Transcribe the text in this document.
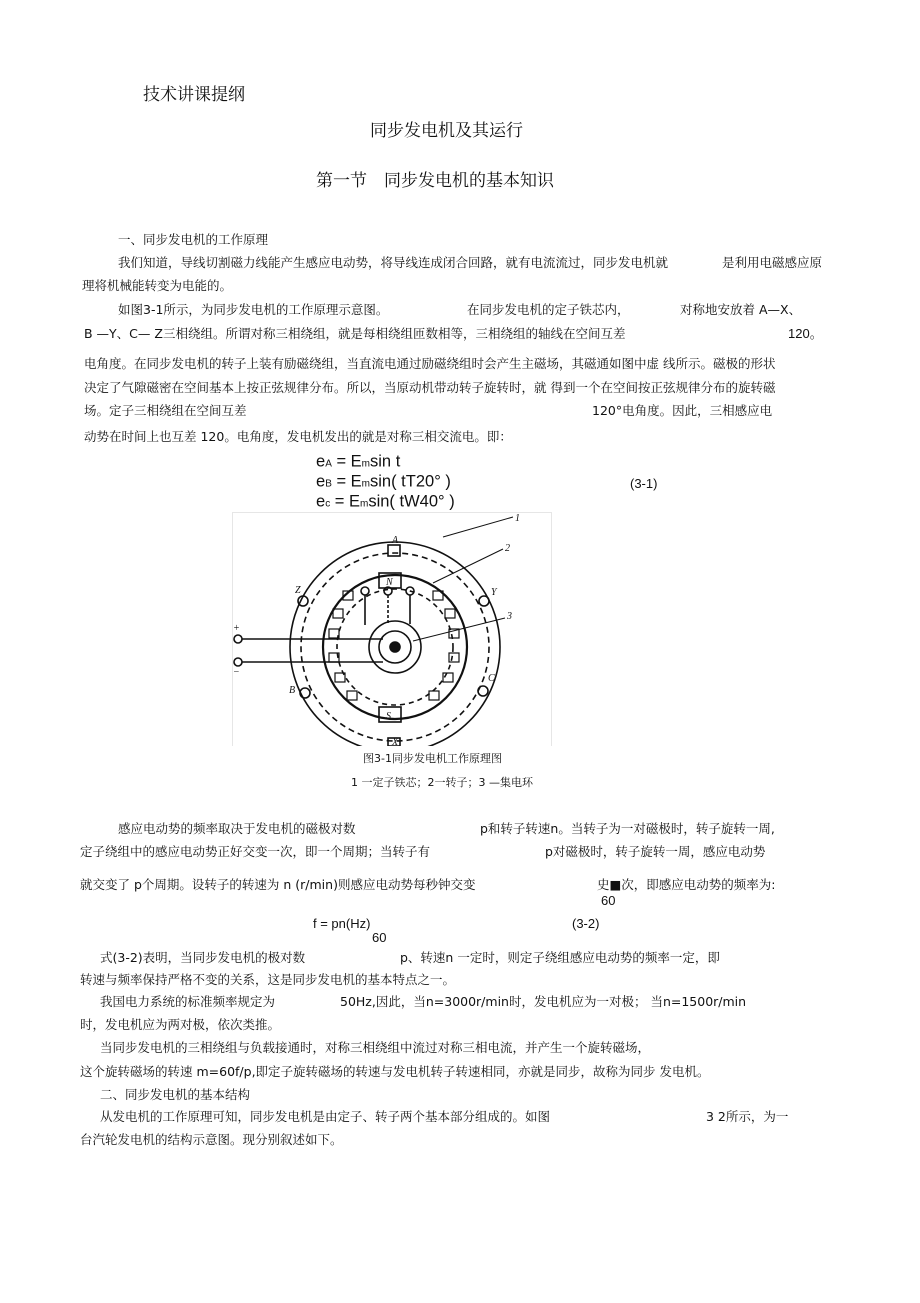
技术讲课提纲
同步发电机及其运行
第一节　同步发电机的基本知识
一、同步发电机的工作原理
我们知道，导线切割磁力线能产生感应电动势，将导线连成闭合回路，就有电流流过，同步发电机就	是利用电磁感应原
理将机械能转变为电能的。
如图3-1所示，为同步发电机的工作原理示意图。	在同步发电机的定子铁芯内，	对称地安放着 A—X、
B —Y、C— Z三相绕组。所谓对称三相绕组，就是每相绕组匝数相等，三相绕组的轴线在空间互差	120。
电角度。在同步发电机的转子上装有励磁绕组，当直流电通过励磁绕组时会产生主磁场，其磁通如图中虚 线所示。磁极的形状
决定了气隙磁密在空间基本上按正弦规律分布。所以，当原动机带动转子旋转时，就 得到一个在空间按正弦规律分布的旋转磁
场。定子三相绕组在空间互差	120°电角度。因此，三相感应电
动势在时间上也互差 120。电角度，发电机发出的就是对称三相交流电。即：
eA = Emsin t
eB = Emsin( tT20° )
ec = Emsin( tW40° )
(3-1)
A
X
Y
Z
B
C
N
S
+
−
1
2
3
图3-1同步发电机工作原理图
1 一定子铁芯；2一转子；3 —集电环
感应电动势的频率取决于发电机的磁极对数	p和转子转速n。当转子为一对磁极时，转子旋转一周,
定子绕组中的感应电动势正好交变一次，即一个周期；当转子有	p对磁极时，转子旋转一周，感应电动势
就交变了 p个周期。设转子的转速为 n (r/min)则感应电动势每秒钟交变	史■次，即感应电动势的频率为:
60
f = pn(Hz)
60
(3-2)
式(3-2)表明，当同步发电机的极对数	p、转速n 一定时，则定子绕组感应电动势的频率一定，即
转速与频率保持严格不变的关系，这是同步发电机的基本特点之一。
我国电力系统的标准频率规定为	50Hz,因此，当n=3000r/min时，发电机应为一对极； 当n=1500r/min
时，发电机应为两对极，依次类推。
当同步发电机的三相绕组与负载接通时，对称三相绕组中流过对称三相电流，并产生一个旋转磁场，
这个旋转磁场的转速 m=60f/p,即定子旋转磁场的转速与发电机转子转速相同，亦就是同步，故称为同步 发电机。
二、同步发电机的基本结构
从发电机的工作原理可知，同步发电机是由定子、转子两个基本部分组成的。如图	3 2所示，为一
台汽轮发电机的结构示意图。现分别叙述如下。
